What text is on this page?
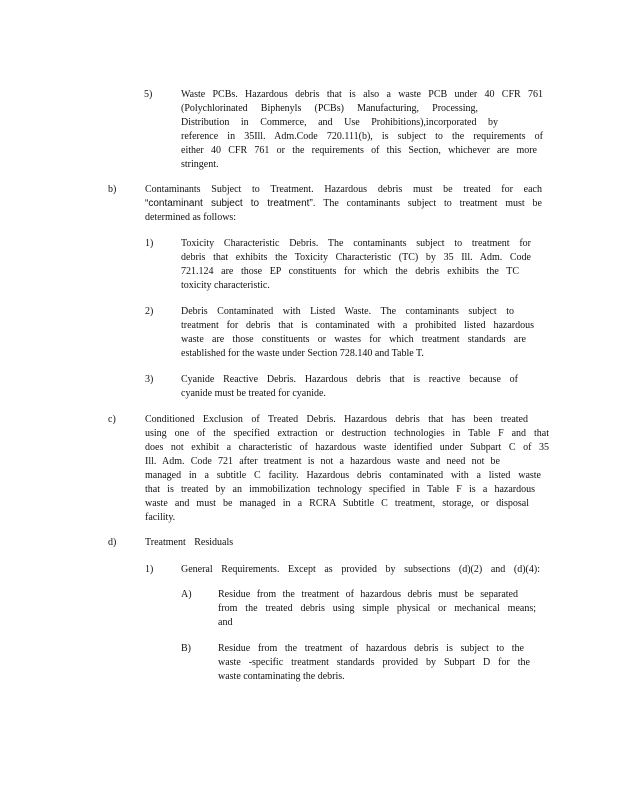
5)	Waste PCBs. Hazardous debris that is also a waste PCB under 40 CFR 761
(Polychlorinated Biphenyls (PCBs) Manufacturing, Processing,
Distribution in Commerce, and Use Prohibitions),incorporated by
reference in 35Ill. Adm.Code 720.111(b), is subject to the requirements of
either 40 CFR 761 or the requirements of this Section, whichever are more
stringent.
b)	Contaminants Subject to Treatment. Hazardous debris must be treated for each
“contaminant subject to treatment”. The contaminants subject to treatment must be
determined as follows:
1)	Toxicity Characteristic Debris. The contaminants subject to treatment for
debris that exhibits the Toxicity Characteristic (TC) by 35 Ill. Adm. Code
721.124 are those EP constituents for which the debris exhibits the TC
toxicity characteristic.
2)	Debris Contaminated with Listed Waste. The contaminants subject to
treatment for debris that is contaminated with a prohibited listed hazardous
waste are those constituents or wastes for which treatment standards are
established for the waste under Section 728.140 and Table T.
3)	Cyanide Reactive Debris. Hazardous debris that is reactive because of
cyanide must be treated for cyanide.
c)	Conditioned Exclusion of Treated Debris. Hazardous debris that has been treated
using one of the specified extraction or destruction technologies in Table F and that
does not exhibit a characteristic of hazardous waste identified under Subpart C of 35
Ill. Adm. Code 721 after treatment is not a hazardous waste and need not be
managed in a subtitle C facility. Hazardous debris contaminated with a listed waste
that is treated by an immobilization technology specified in Table F is a hazardous
waste and must be managed in a RCRA Subtitle C treatment, storage, or disposal
facility.
d)	Treatment Residuals
1)	General Requirements. Except as provided by subsections (d)(2) and (d)(4):
A)	Residue from the treatment of hazardous debris must be separated
from the treated debris using simple physical or mechanical means;
and
B)	Residue from the treatment of hazardous debris is subject to the
waste -specific treatment standards provided by Subpart D for the
waste contaminating the debris.
